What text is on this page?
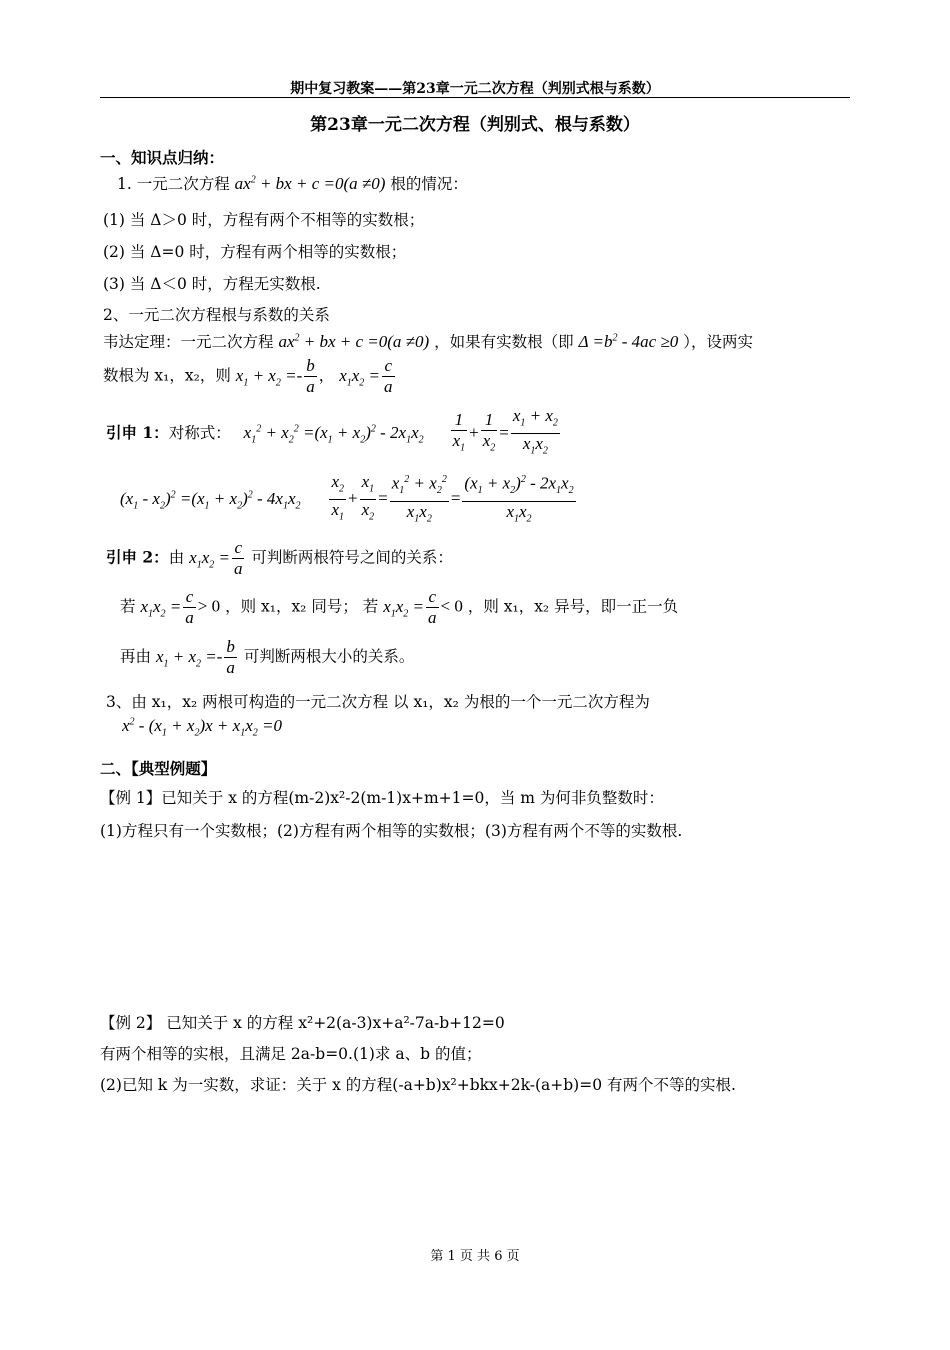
期中复习教案——第23章一元二次方程（判别式根与系数）
第23章一元二次方程（判别式、根与系数）
一、知识点归纳：
1. 一元二次方程 $ax^2$ + bx + c =0(a ≠0) 根的情况：
(1) 当 Δ＞0 时，方程有两个不相等的实数根；
(2) 当 Δ=0 时，方程有两个相等的实数根；
(3) 当 Δ＜0 时，方程无实数根.
2、一元二次方程根与系数的关系
韦达定理：一元二次方程 $ax^2$ + bx + c =0(a ≠0) ，如果有实数根（即 $\Delta =b^2 - 4ac \ge 0$ ），设两实
数根为 x₁，x₂，则 $x_1 + x_2 =- \frac{b}{a}$ ， $x_1x_2 = \frac{c}{a}$
引申 1：对称式： $x_1^2 + x_2^2 =(x_1 + x_2)^2 - 2x_1x_2 \frac{1}{x_1} + \frac{1}{x_2} = \frac{x_1 + x_2}{x_1x_2}$
$(x_1 - x_2)^2 =(x_1 + x_2)^2 - 4x_1x_2 \frac{x_2}{x_1} + \frac{x_1}{x_2} = \frac{x_1^2 + x_2^2}{x_1x_2} = \frac{(x_1 + x_2)^2 - 2x_1x_2}{x_1x_2}$
引申 2：由 $x_1x_2 = \frac{c}{a}$ 可判断两根符号之间的关系：
若 $x_1x_2 = \frac{c}{a} > 0$ ，则 x₁，x₂ 同号； 若 $x_1x_2 = \frac{c}{a} < 0$ ，则 x₁，x₂ 异号，即一正一负
再由 $x_1 + x_2 =- \frac{b}{a}$ 可判断两根大小的关系。
3、由 x₁，x₂ 两根可构造的一元二次方程 以 x₁，x₂ 为根的一个一元二次方程为
$x^2 - (x_1 + x_2)x + x_1x_2 =0$
二、【典型例题】
【例 1】已知关于 x 的方程(m-2)x²-2(m-1)x+m+1=0，当 m 为何非负整数时：
(1)方程只有一个实数根；(2)方程有两个相等的实数根；(3)方程有两个不等的实数根.
【例 2】 已知关于 x 的方程 x²+2(a-3)x+a²-7a-b+12=0
有两个相等的实根，且满足 2a-b=0.(1)求 a、b 的值；
(2)已知 k 为一实数，求证：关于 x 的方程(-a+b)x²+bkx+2k-(a+b)=0 有两个不等的实根.
第 1 页 共 6 页
